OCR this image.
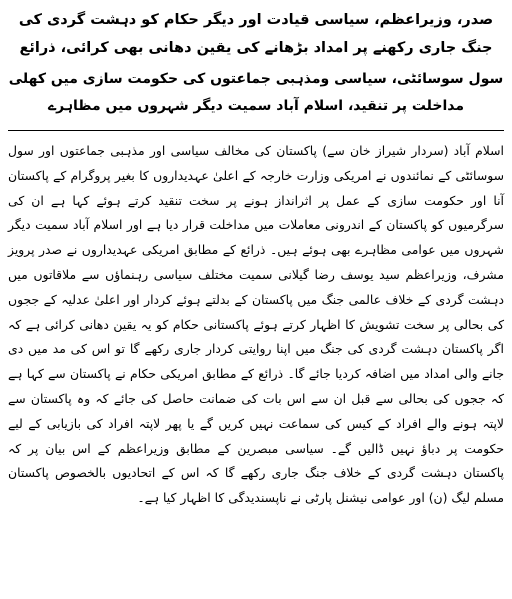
صدر، وزیراعظم، سیاسی قیادت اور دیگر حکام کو دہشت گردی کی جنگ جاری رکھنے پر امداد بڑھانے کی یقین دھانی بھی کرائی، ذرائع
سول سوسائٹی، سیاسی ومذہبی جماعتوں کی حکومت سازی میں کھلی مداخلت پر تنقید، اسلام آباد سمیت دیگر شہروں میں مظاہرے

اسلام آباد (سردار شیراز خان سے) پاکستان کی مخالف سیاسی اور مذہبی جماعتوں اور سول سوسائٹی کے نمائندوں نے امریکی وزارت خارجہ کے اعلیٰ عہدیداروں کا بغیر پروگرام کے پاکستان آنا اور حکومت سازی کے عمل پر اثرانداز ہونے پر سخت تنقید کرتے ہوئے کہا ہے ان کی سرگرمیوں کو پاکستان کے اندرونی معاملات میں مداخلت قرار دیا ہے اور اسلام آباد سمیت دیگر شہروں میں عوامی مظاہرے بھی ہوئے ہیں۔ ذرائع کے مطابق امریکی عہدیداروں نے صدر پرویز مشرف، وزیراعظم سید یوسف رضا گیلانی سمیت مختلف سیاسی رہنماؤں سے ملاقاتوں میں دہشت گردی کے خلاف عالمی جنگ میں پاکستان کے بدلتے ہوئے کردار اور اعلیٰ عدلیہ کے ججوں کی بحالی پر سخت تشویش کا اظہار کرتے ہوئے پاکستانی حکام کو یہ یقین دھانی کرائی ہے کہ اگر پاکستان دہشت گردی کی جنگ میں اپنا روایتی کردار جاری رکھے گا تو اس کی مد میں دی جانے والی امداد میں اضافہ کردیا جائے گا۔ ذرائع کے مطابق امریکی حکام نے پاکستان سے کہا ہے کہ ججوں کی بحالی سے قبل ان سے اس بات کی ضمانت حاصل کی جائے کہ وہ پاکستان سے لاپتہ ہونے والے افراد کے کیس کی سماعت نہیں کریں گے یا پھر لاپتہ افراد کی بازیابی کے لیے حکومت پر دباؤ نہیں ڈالیں گے۔ سیاسی مبصرین کے مطابق وزیراعظم کے اس بیان پر کہ پاکستان دہشت گردی کے خلاف جنگ جاری رکھے گا کہ اس کے اتحادیوں بالخصوص پاکستان مسلم لیگ (ن) اور عوامی نیشنل پارٹی نے ناپسندیدگی کا اظہار کیا ہے۔
